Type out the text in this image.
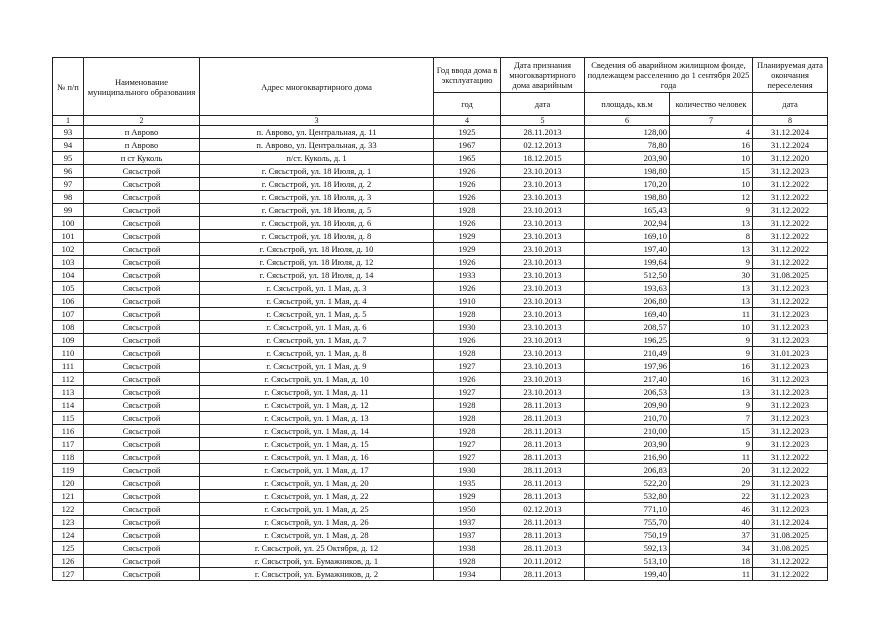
№ п/п	Наименование муниципального образования	Адрес многоквартирного дома	Год ввода дома в эксплуатацию	Дата признания многоквартирного дома аварийным	Сведения об аварийном жилищном фонде, подлежащем расселению до 1 сентября 2025 года		Планируемая дата окончания переселения
			год	дата	площадь, кв.м	количество человек	дата
1	2	3	4	5	6	7	8
93	п Аврово	п. Аврово, ул. Центральная, д. 11	1925	28.11.2013	128,00	4	31.12.2024
94	п Аврово	п. Аврово, ул. Центральная, д. 33	1967	02.12.2013	78,80	16	31.12.2024
95	п ст Куколь	п/ст. Куколь, д. 1	1965	18.12.2015	203,90	10	31.12.2020
96	Сясьстрой	г. Сясьстрой, ул. 18 Июля, д. 1	1926	23.10.2013	198,80	15	31.12.2023
97	Сясьстрой	г. Сясьстрой, ул. 18 Июля, д. 2	1926	23.10.2013	170,20	10	31.12.2022
98	Сясьстрой	г. Сясьстрой, ул. 18 Июля, д. 3	1926	23.10.2013	198,80	12	31.12.2022
99	Сясьстрой	г. Сясьстрой, ул. 18 Июля, д. 5	1928	23.10.2013	165,43	9	31.12.2022
100	Сясьстрой	г. Сясьстрой, ул. 18 Июля, д. 6	1926	23.10.2013	202,94	13	31.12.2022
101	Сясьстрой	г. Сясьстрой, ул. 18 Июля, д. 8	1929	23.10.2013	169,10	8	31.12.2022
102	Сясьстрой	г. Сясьстрой, ул. 18 Июля, д. 10	1929	23.10.2013	197,40	13	31.12.2022
103	Сясьстрой	г. Сясьстрой, ул. 18 Июля, д. 12	1926	23.10.2013	199,64	9	31.12.2022
104	Сясьстрой	г. Сясьстрой, ул. 18 Июля, д. 14	1933	23.10.2013	512,50	30	31.08.2025
105	Сясьстрой	г. Сясьстрой, ул. 1 Мая, д. 3	1926	23.10.2013	193,63	13	31.12.2023
106	Сясьстрой	г. Сясьстрой, ул. 1 Мая, д. 4	1910	23.10.2013	206,80	13	31.12.2022
107	Сясьстрой	г. Сясьстрой, ул. 1 Мая, д. 5	1928	23.10.2013	169,40	11	31.12.2023
108	Сясьстрой	г. Сясьстрой, ул. 1 Мая, д. 6	1930	23.10.2013	208,57	10	31.12.2023
109	Сясьстрой	г. Сясьстрой, ул. 1 Мая, д. 7	1926	23.10.2013	196,25	9	31.12.2023
110	Сясьстрой	г. Сясьстрой, ул. 1 Мая, д. 8	1928	23.10.2013	210,49	9	31.01.2023
111	Сясьстрой	г. Сясьстрой, ул. 1 Мая, д. 9	1927	23.10.2013	197,96	16	31.12.2023
112	Сясьстрой	г. Сясьстрой, ул. 1 Мая, д. 10	1926	23.10.2013	217,40	16	31.12.2023
113	Сясьстрой	г. Сясьстрой, ул. 1 Мая, д. 11	1927	23.10.2013	206,53	13	31.12.2023
114	Сясьстрой	г. Сясьстрой, ул. 1 Мая, д. 12	1928	28.11.2013	209,90	9	31.12.2023
115	Сясьстрой	г. Сясьстрой, ул. 1 Мая, д. 13	1928	28.11.2013	210,70	7	31.12.2023
116	Сясьстрой	г. Сясьстрой, ул. 1 Мая, д. 14	1928	28.11.2013	210,00	15	31.12.2023
117	Сясьстрой	г. Сясьстрой, ул. 1 Мая, д. 15	1927	28.11.2013	203,90	9	31.12.2023
118	Сясьстрой	г. Сясьстрой, ул. 1 Мая, д. 16	1927	28.11.2013	216,90	11	31.12.2022
119	Сясьстрой	г. Сясьстрой, ул. 1 Мая, д. 17	1930	28.11.2013	206,83	20	31.12.2022
120	Сясьстрой	г. Сясьстрой, ул. 1 Мая, д. 20	1935	28.11.2013	522,20	29	31.12.2023
121	Сясьстрой	г. Сясьстрой, ул. 1 Мая, д. 22	1929	28.11.2013	532,80	22	31.12.2023
122	Сясьстрой	г. Сясьстрой, ул. 1 Мая, д. 25	1950	02.12.2013	771,10	46	31.12.2023
123	Сясьстрой	г. Сясьстрой, ул. 1 Мая, д. 26	1937	28.11.2013	755,70	40	31.12.2024
124	Сясьстрой	г. Сясьстрой, ул. 1 Мая, д. 28	1937	28.11.2013	750,19	37	31.08.2025
125	Сясьстрой	г. Сясьстрой, ул. 25 Октября, д. 12	1938	28.11.2013	592,13	34	31.08.2025
126	Сясьстрой	г. Сясьстрой, ул. Бумажников, д. 1	1928	20.11.2012	513,10	18	31.12.2022
127	Сясьстрой	г. Сясьстрой, ул. Бумажников, д. 2	1934	28.11.2013	199,40	11	31.12.2022
